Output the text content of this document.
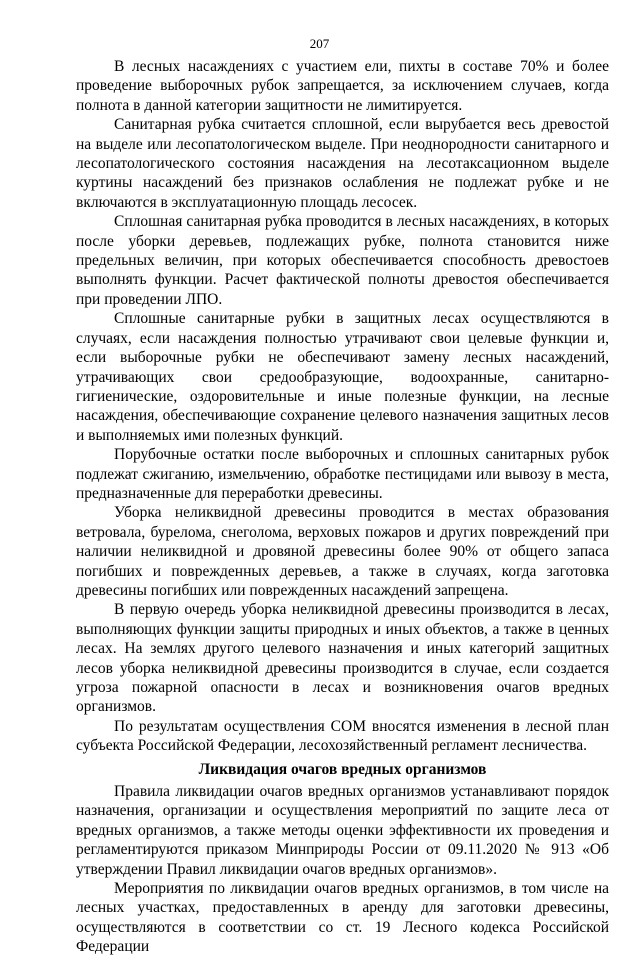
207

В лесных насаждениях с участием ели, пихты в составе 70% и более проведение выборочных рубок запрещается, за исключением случаев, когда полнота в данной категории защитности не лимитируется.

Санитарная рубка считается сплошной, если вырубается весь древостой на выделе или лесопатологическом выделе. При неоднородности санитарного и лесопатологического состояния насаждения на лесотаксационном выделе куртины насаждений без признаков ослабления не подлежат рубке и не включаются в эксплуатационную площадь лесосек.

Сплошная санитарная рубка проводится в лесных насаждениях, в которых после уборки деревьев, подлежащих рубке, полнота становится ниже предельных величин, при которых обеспечивается способность древостоев выполнять функции. Расчет фактической полноты древостоя обеспечивается при проведении ЛПО.

Сплошные санитарные рубки в защитных лесах осуществляются в случаях, если насаждения полностью утрачивают свои целевые функции и, если выборочные рубки не обеспечивают замену лесных насаждений, утрачивающих свои средообразующие, водоохранные, санитарно-гигиенические, оздоровительные и иные полезные функции, на лесные насаждения, обеспечивающие сохранение целевого назначения защитных лесов и выполняемых ими полезных функций.

Порубочные остатки после выборочных и сплошных санитарных рубок подлежат сжиганию, измельчению, обработке пестицидами или вывозу в места, предназначенные для переработки древесины.

Уборка неликвидной древесины проводится в местах образования ветровала, бурелома, снеголома, верховых пожаров и других повреждений при наличии неликвидной и дровяной древесины более 90% от общего запаса погибших и поврежденных деревьев, а также в случаях, когда заготовка древесины погибших или поврежденных насаждений запрещена.

В первую очередь уборка неликвидной древесины производится в лесах, выполняющих функции защиты природных и иных объектов, а также в ценных лесах. На землях другого целевого назначения и иных категорий защитных лесов уборка неликвидной древесины производится в случае, если создается угроза пожарной опасности в лесах и возникновения очагов вредных организмов.

По результатам осуществления СОМ вносятся изменения в лесной план субъекта Российской Федерации, лесохозяйственный регламент лесничества.

Ликвидация очагов вредных организмов

Правила ликвидации очагов вредных организмов устанавливают порядок назначения, организации и осуществления мероприятий по защите леса от вредных организмов, а также методы оценки эффективности их проведения и регламентируются приказом Минприроды России от 09.11.2020 № 913 «Об утверждении Правил ликвидации очагов вредных организмов».

Мероприятия по ликвидации очагов вредных организмов, в том числе на лесных участках, предоставленных в аренду для заготовки древесины, осуществляются в соответствии со ст. 19 Лесного кодекса Российской Федерации
